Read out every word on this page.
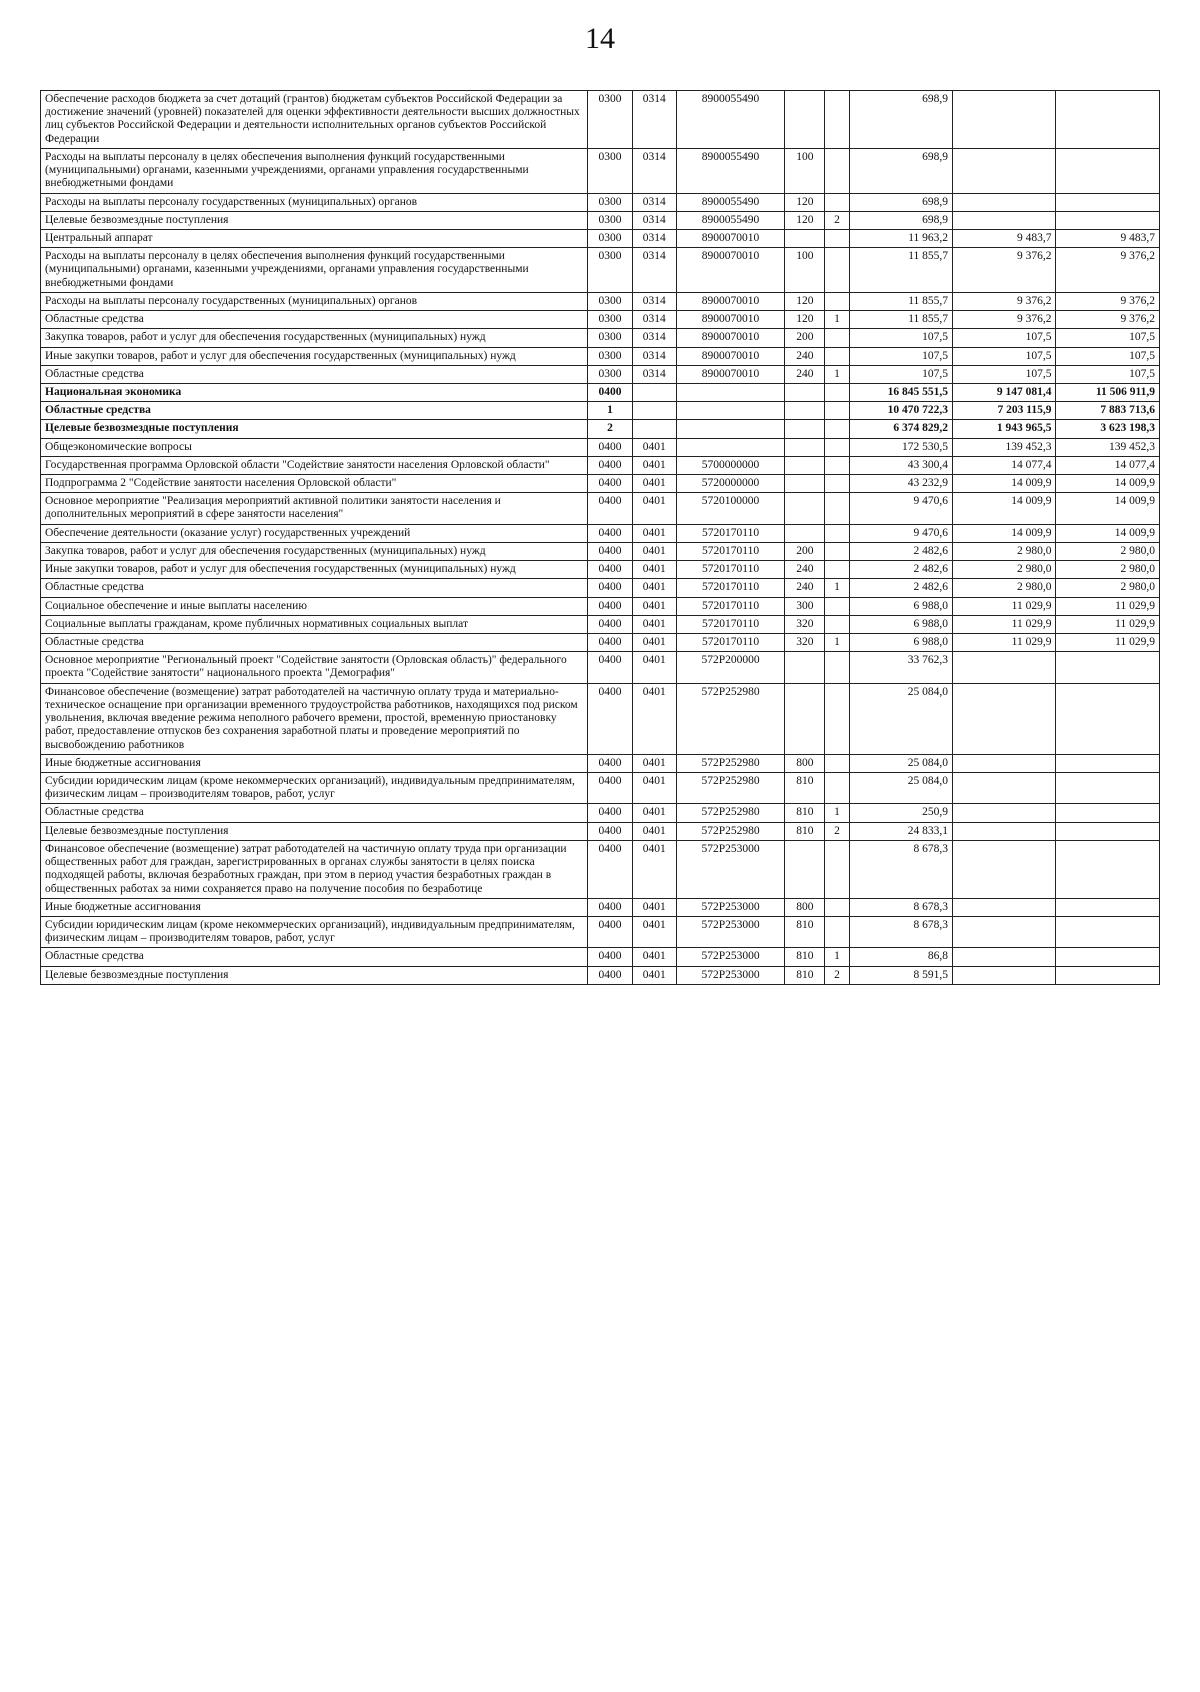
14
Обеспечение расходов бюджета за счет дотаций (грантов) бюджетам субъектов Российской Федерации за достижение значений (уровней) показателей для оценки эффективности деятельности высших должностных лиц субъектов Российской Федерации и деятельности исполнительных органов субъектов Российской Федерации	0300	0314	8900055490			698,9		
Расходы на выплаты персоналу в целях обеспечения выполнения функций государственными (муниципальными) органами, казенными учреждениями, органами управления государственными внебюджетными фондами	0300	0314	8900055490	100		698,9		
Расходы на выплаты персоналу государственных (муниципальных) органов	0300	0314	8900055490	120		698,9		
Целевые безвозмездные поступления	0300	0314	8900055490	120	2	698,9		
Центральный аппарат	0300	0314	8900070010			11 963,2	9 483,7	9 483,7
Расходы на выплаты персоналу в целях обеспечения выполнения функций государственными (муниципальными) органами, казенными учреждениями, органами управления государственными внебюджетными фондами	0300	0314	8900070010	100		11 855,7	9 376,2	9 376,2
Расходы на выплаты персоналу государственных (муниципальных) органов	0300	0314	8900070010	120		11 855,7	9 376,2	9 376,2
Областные средства	0300	0314	8900070010	120	1	11 855,7	9 376,2	9 376,2
Закупка товаров, работ и услуг для обеспечения государственных (муниципальных) нужд	0300	0314	8900070010	200		107,5	107,5	107,5
Иные закупки товаров, работ и услуг для обеспечения государственных (муниципальных) нужд	0300	0314	8900070010	240		107,5	107,5	107,5
Областные средства	0300	0314	8900070010	240	1	107,5	107,5	107,5
Национальная экономика	0400					16 845 551,5	9 147 081,4	11 506 911,9
Областные средства	1					10 470 722,3	7 203 115,9	7 883 713,6
Целевые безвозмездные поступления	2					6 374 829,2	1 943 965,5	3 623 198,3
Общеэкономические вопросы	0400	0401				172 530,5	139 452,3	139 452,3
Государственная программа Орловской области "Содействие занятости населения Орловской области"	0400	0401	5700000000			43 300,4	14 077,4	14 077,4
Подпрограмма 2 "Содействие занятости населения Орловской области"	0400	0401	5720000000			43 232,9	14 009,9	14 009,9
Основное мероприятие "Реализация мероприятий активной политики занятости населения и дополнительных мероприятий в сфере занятости населения"	0400	0401	5720100000			9 470,6	14 009,9	14 009,9
Обеспечение деятельности (оказание услуг) государственных учреждений	0400	0401	5720170110			9 470,6	14 009,9	14 009,9
Закупка товаров, работ и услуг для обеспечения государственных (муниципальных) нужд	0400	0401	5720170110	200		2 482,6	2 980,0	2 980,0
Иные закупки товаров, работ и услуг для обеспечения государственных (муниципальных) нужд	0400	0401	5720170110	240		2 482,6	2 980,0	2 980,0
Областные средства	0400	0401	5720170110	240	1	2 482,6	2 980,0	2 980,0
Социальное обеспечение и иные выплаты населению	0400	0401	5720170110	300		6 988,0	11 029,9	11 029,9
Социальные выплаты гражданам, кроме публичных нормативных социальных выплат	0400	0401	5720170110	320		6 988,0	11 029,9	11 029,9
Областные средства	0400	0401	5720170110	320	1	6 988,0	11 029,9	11 029,9
Основное мероприятие "Региональный проект "Содействие занятости (Орловская область)" федерального проекта "Содействие занятости" национального проекта "Демография"	0400	0401	572P200000			33 762,3		
Финансовое обеспечение (возмещение) затрат работодателей на частичную оплату труда и материально-техническое оснащение при организации временного трудоустройства работников, находящихся под риском увольнения, включая введение режима неполного рабочего времени, простой, временную приостановку работ, предоставление отпусков без сохранения заработной платы и проведение мероприятий по высвобождению работников	0400	0401	572P252980			25 084,0		
Иные бюджетные ассигнования	0400	0401	572P252980	800		25 084,0		
Субсидии юридическим лицам (кроме некоммерческих организаций), индивидуальным предпринимателям, физическим лицам – производителям товаров, работ, услуг	0400	0401	572P252980	810		25 084,0		
Областные средства	0400	0401	572P252980	810	1	250,9		
Целевые безвозмездные поступления	0400	0401	572P252980	810	2	24 833,1		
Финансовое обеспечение (возмещение) затрат работодателей на частичную оплату труда при организации общественных работ для граждан, зарегистрированных в органах службы занятости в целях поиска подходящей работы, включая безработных граждан, при этом в период участия безработных граждан в общественных работах за ними сохраняется право на получение пособия по безработице	0400	0401	572P253000			8 678,3		
Иные бюджетные ассигнования	0400	0401	572P253000	800		8 678,3		
Субсидии юридическим лицам (кроме некоммерческих организаций), индивидуальным предпринимателям, физическим лицам – производителям товаров, работ, услуг	0400	0401	572P253000	810		8 678,3		
Областные средства	0400	0401	572P253000	810	1	86,8		
Целевые безвозмездные поступления	0400	0401	572P253000	810	2	8 591,5		
